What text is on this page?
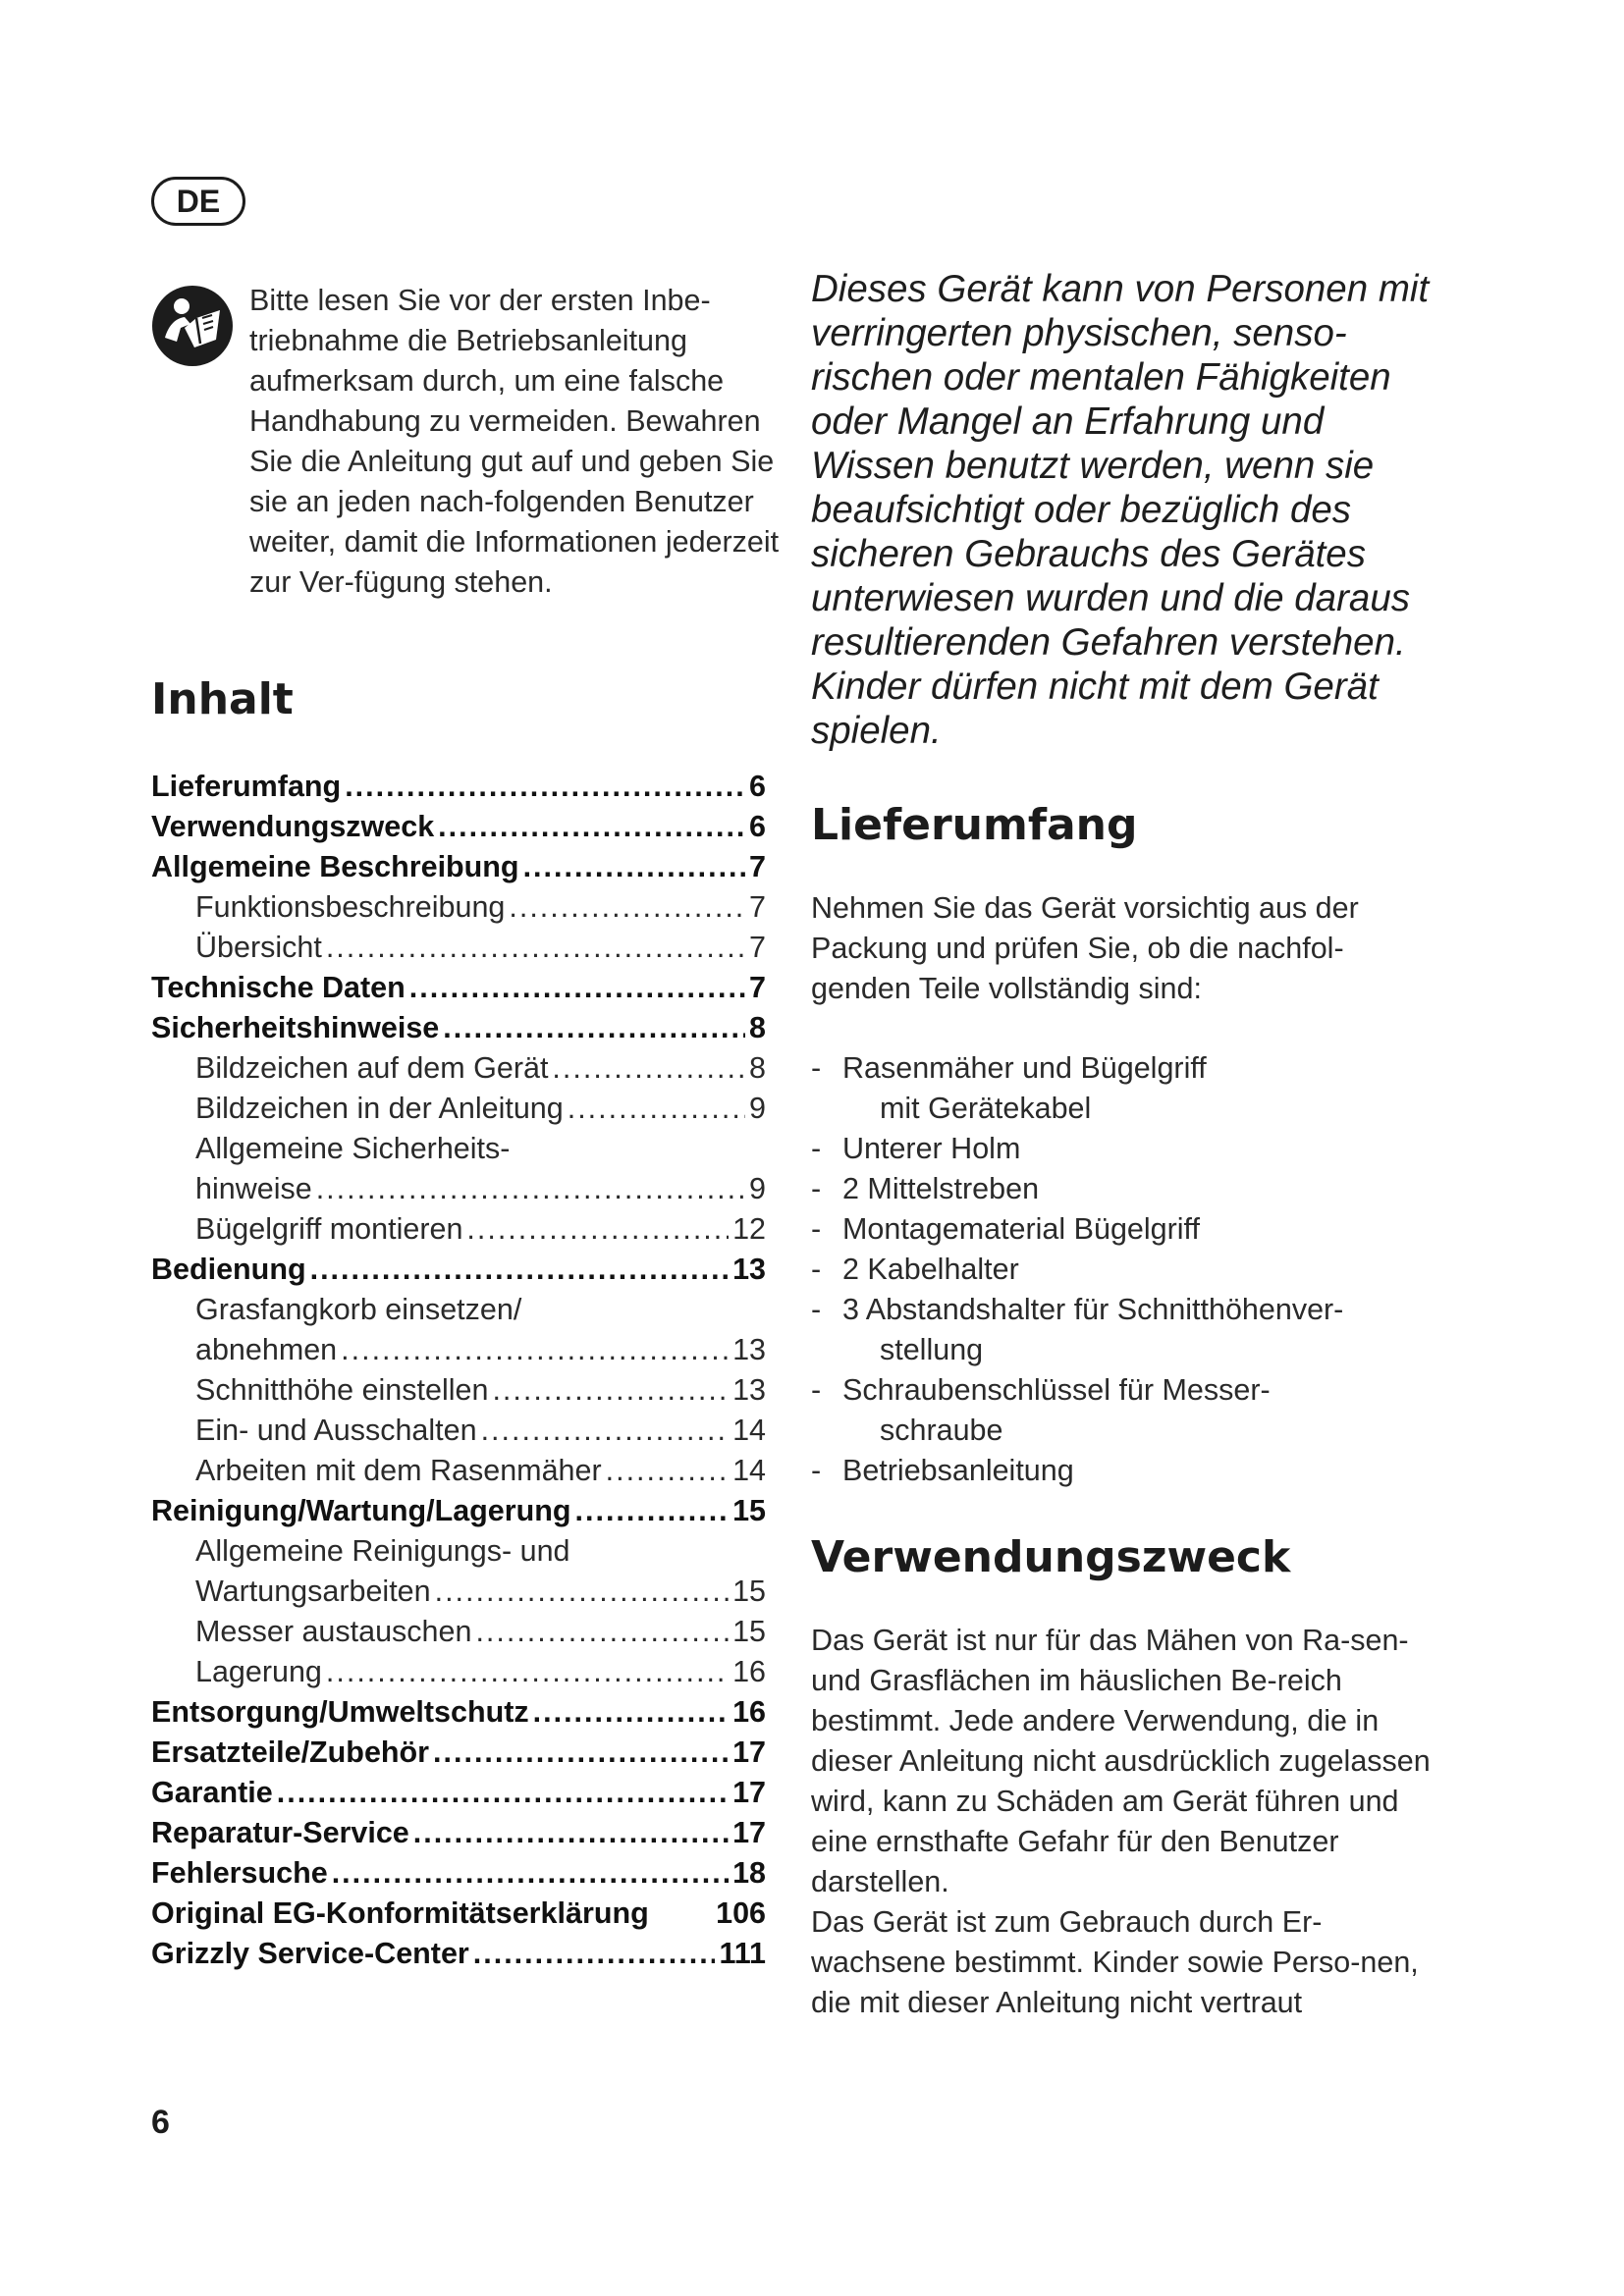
DE
Bitte lesen Sie vor der ersten Inbe-triebnahme die Betriebsanleitung aufmerksam durch, um eine falsche Handhabung zu vermeiden. Bewahren Sie die Anleitung gut auf und geben Sie sie an jeden nach-folgenden Benutzer weiter, damit die Informationen jederzeit zur Ver-fügung stehen.
Inhalt
Lieferumfang .....	6
Verwendungszweck .....	6
Allgemeine Beschreibung .....	7
Funktionsbeschreibung .....	7
Übersicht .....	7
Technische Daten .....	7
Sicherheitshinweise .....	8
Bildzeichen auf dem Gerät .....	8
Bildzeichen in der Anleitung .....	9
Allgemeine Sicherheits-
hinweise .....	9
Bügelgriff montieren .....	12
Bedienung .....	13
Grasfangkorb einsetzen/
abnehmen .....	13
Schnitthöhe einstellen .....	13
Ein- und Ausschalten .....	14
Arbeiten mit dem Rasenmäher .....	14
Reinigung/Wartung/Lagerung .....	15
Allgemeine Reinigungs- und
Wartungsarbeiten .....	15
Messer austauschen .....	15
Lagerung .....	16
Entsorgung/Umweltschutz .....	16
Ersatzteile/Zubehör .....	17
Garantie .....	17
Reparatur-Service .....	17
Fehlersuche .....	18
Original EG-Konformitätserklärung 106
Grizzly Service-Center .....	111
Dieses Gerät kann von Personen mit verringerten physischen, senso-rischen oder mentalen Fähigkeiten oder Mangel an Erfahrung und Wissen benutzt werden, wenn sie beaufsichtigt oder bezüglich des sicheren Gebrauchs des Gerätes unterwiesen wurden und die daraus resultierenden Gefahren verstehen. Kinder dürfen nicht mit dem Gerät spielen.
Lieferumfang
Nehmen Sie das Gerät vorsichtig aus der Packung und prüfen Sie, ob die nachfol-genden Teile vollständig sind:
- Rasenmäher und Bügelgriff
mit Gerätekabel
- Unterer Holm
- 2 Mittelstreben
- Montagematerial Bügelgriff
- 2 Kabelhalter
- 3 Abstandshalter für Schnitthöhenver-
stellung
- Schraubenschlüssel für Messer-
schraube
- Betriebsanleitung
Verwendungszweck
Das Gerät ist nur für das Mähen von Ra-sen- und Grasflächen im häuslichen Be-reich bestimmt. Jede andere Verwendung, die in dieser Anleitung nicht ausdrücklich zugelassen wird, kann zu Schäden am Gerät führen und eine ernsthafte Gefahr für den Benutzer darstellen.
Das Gerät ist zum Gebrauch durch Er-wachsene bestimmt. Kinder sowie Perso-nen, die mit dieser Anleitung nicht vertraut
6
